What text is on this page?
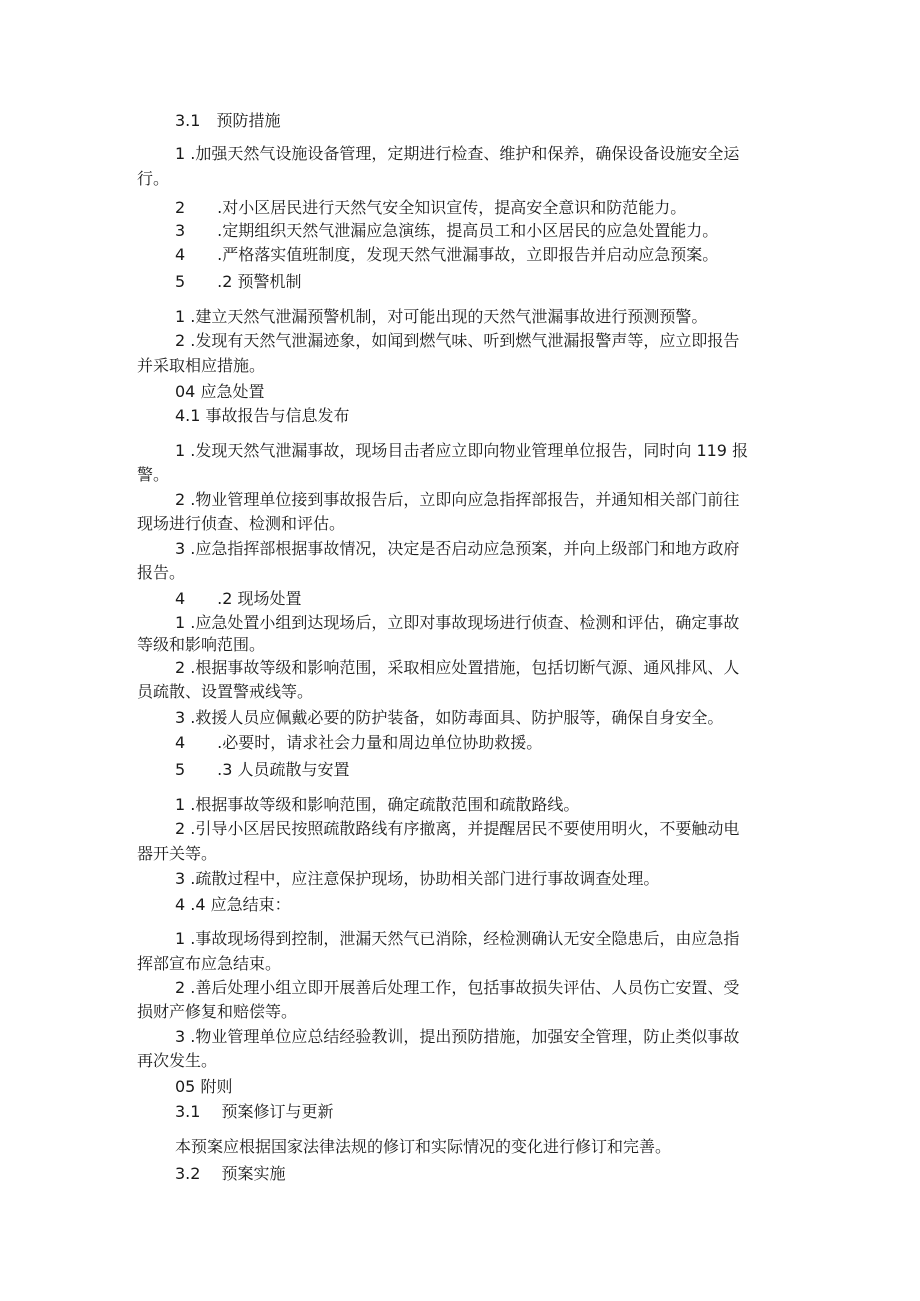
3.1　预防措施

1 .加强天然气设施设备管理，定期进行检查、维护和保养，确保设备设施安全运

行。

2　　.对小区居民进行天然气安全知识宣传，提高安全意识和防范能力。

3　　.定期组织天然气泄漏应急演练，提高员工和小区居民的应急处置能力。

4　　.严格落实值班制度，发现天然气泄漏事故，立即报告并启动应急预案。

5　　.2 预警机制

1 .建立天然气泄漏预警机制，对可能出现的天然气泄漏事故进行预测预警。

2 .发现有天然气泄漏迹象，如闻到燃气味、听到燃气泄漏报警声等，应立即报告

并采取相应措施。

04 应急处置

4.1 事故报告与信息发布

1 .发现天然气泄漏事故，现场目击者应立即向物业管理单位报告，同时向 119 报

警。

2 .物业管理单位接到事故报告后，立即向应急指挥部报告，并通知相关部门前往

现场进行侦查、检测和评估。

3 .应急指挥部根据事故情况，决定是否启动应急预案，并向上级部门和地方政府

报告。

4　　.2 现场处置

1 .应急处置小组到达现场后，立即对事故现场进行侦查、检测和评估，确定事故

等级和影响范围。

2 .根据事故等级和影响范围，采取相应处置措施，包括切断气源、通风排风、人

员疏散、设置警戒线等。

3 .救援人员应佩戴必要的防护装备，如防毒面具、防护服等，确保自身安全。

4　　.必要时，请求社会力量和周边单位协助救援。

5　　.3 人员疏散与安置

1 .根据事故等级和影响范围，确定疏散范围和疏散路线。

2 .引导小区居民按照疏散路线有序撤离，并提醒居民不要使用明火，不要触动电

器开关等。

3 .疏散过程中，应注意保护现场，协助相关部门进行事故调查处理。

4 .4 应急结束：

1 .事故现场得到控制，泄漏天然气已消除，经检测确认无安全隐患后，由应急指

挥部宣布应急结束。

2 .善后处理小组立即开展善后处理工作，包括事故损失评估、人员伤亡安置、受

损财产修复和赔偿等。

3 .物业管理单位应总结经验教训，提出预防措施，加强安全管理，防止类似事故

再次发生。

05 附则

3.1　 预案修订与更新

本预案应根据国家法律法规的修订和实际情况的变化进行修订和完善。

3.2　 预案实施
